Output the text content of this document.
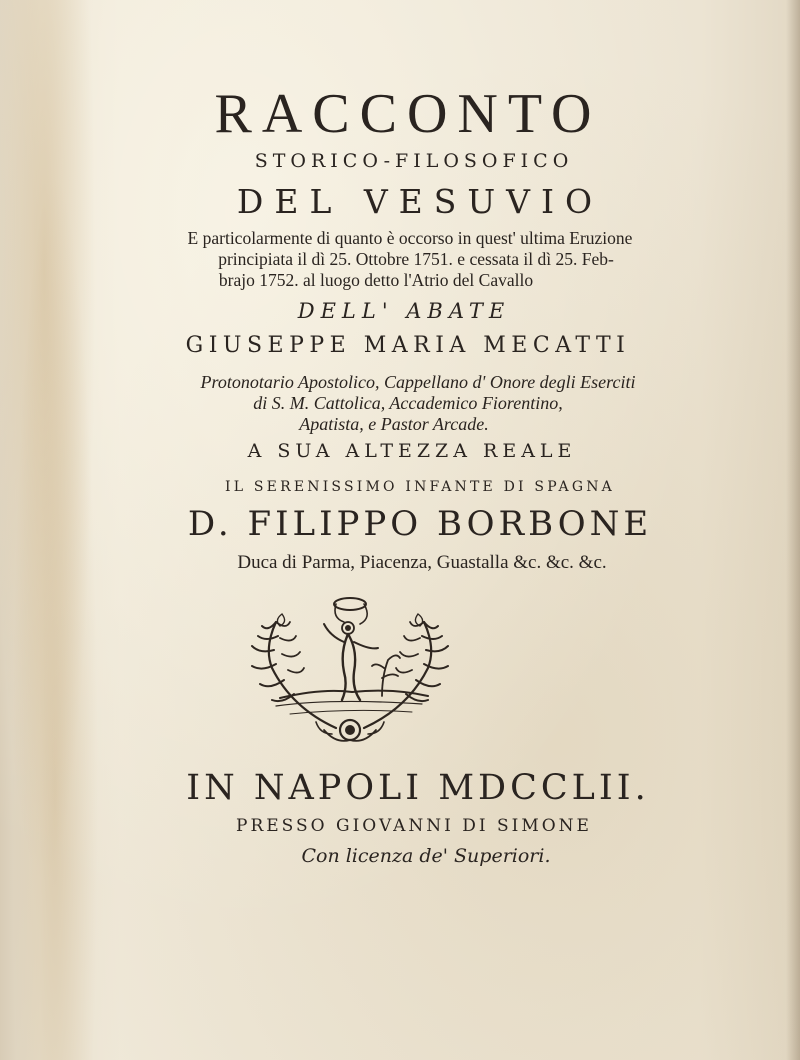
RACCONTO
STORICO-FILOSOFICO
DEL VESUVIO
E particolarmente di quanto è occorso in quest' ultima Eruzione
principiata il dì 25. Ottobre 1751. e cessata il dì 25. Feb-
brajo 1752. al luogo detto l'Atrio del Cavallo
DELL' ABATE
GIUSEPPE MARIA MECATTI
Protonotario Apostolico, Cappellano d' Onore degli Eserciti
di S. M. Cattolica, Accademico Fiorentino,
Apatista, e Pastor Arcade.
A SUA ALTEZZA REALE
IL SERENISSIMO INFANTE DI SPAGNA
D. FILIPPO BORBONE
Duca di Parma, Piacenza, Guastalla &c. &c. &c.
IN NAPOLI MDCCLII.
PRESSO GIOVANNI DI SIMONE
Con licenza de' Superiori.
